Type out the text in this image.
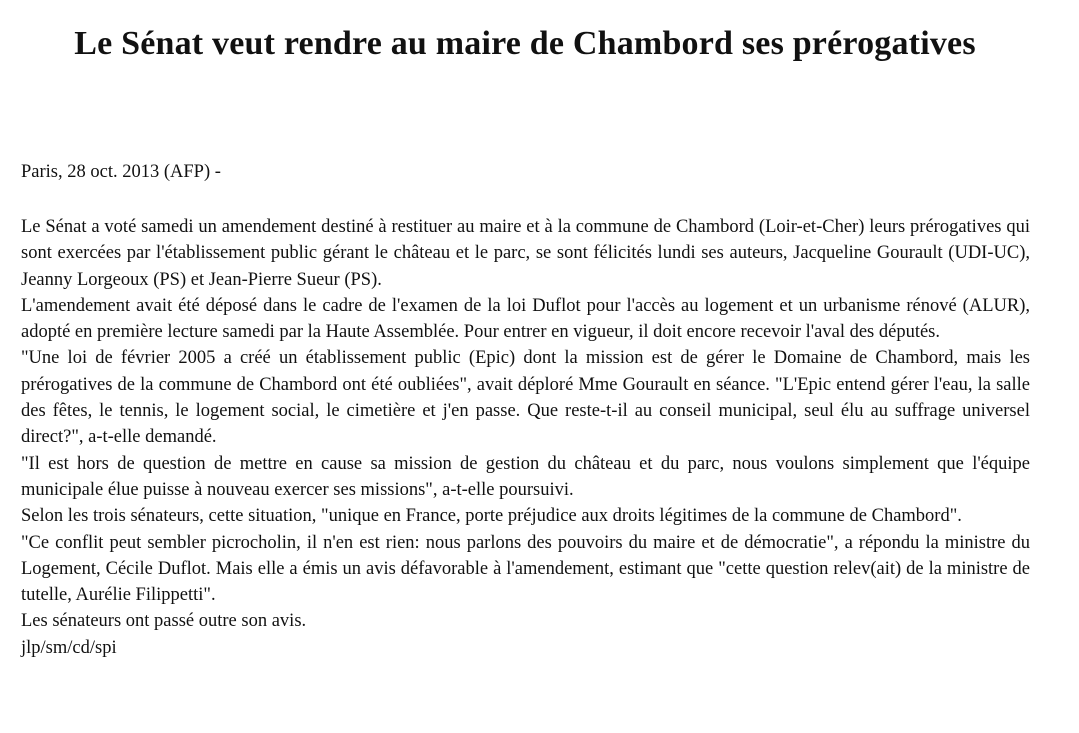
Le Sénat veut rendre au maire de Chambord ses prérogatives

Paris, 28 oct. 2013 (AFP) -

Le Sénat a voté samedi un amendement destiné à restituer au maire et à la commune de Chambord (Loir-et-Cher) leurs prérogatives qui sont exercées par l'établissement public gérant le château et le parc, se sont félicités lundi ses auteurs, Jacqueline Gourault (UDI-UC), Jeanny Lorgeoux (PS) et Jean-Pierre Sueur (PS).

L'amendement avait été déposé dans le cadre de l'examen de la loi Duflot pour l'accès au logement et un urbanisme rénové (ALUR), adopté en première lecture samedi par la Haute Assemblée. Pour entrer en vigueur, il doit encore recevoir l'aval des députés.

"Une loi de février 2005 a créé un établissement public (Epic) dont la mission est de gérer le Domaine de Chambord, mais les prérogatives de la commune de Chambord ont été oubliées", avait déploré Mme Gourault en séance. "L'Epic entend gérer l'eau, la salle des fêtes, le tennis, le logement social, le cimetière et j'en passe. Que reste-t-il au conseil municipal, seul élu au suffrage universel direct?", a-t-elle demandé.

"Il est hors de question de mettre en cause sa mission de gestion du château et du parc, nous voulons simplement que l'équipe municipale élue puisse à nouveau exercer ses missions", a-t-elle poursuivi.

Selon les trois sénateurs, cette situation, "unique en France, porte préjudice aux droits légitimes de la commune de Chambord".

"Ce conflit peut sembler picrocholin, il n'en est rien: nous parlons des pouvoirs du maire et de démocratie", a répondu la ministre du Logement, Cécile Duflot. Mais elle a émis un avis défavorable à l'amendement, estimant que "cette question relev(ait) de la ministre de tutelle, Aurélie Filippetti".

Les sénateurs ont passé outre son avis.

jlp/sm/cd/spi
